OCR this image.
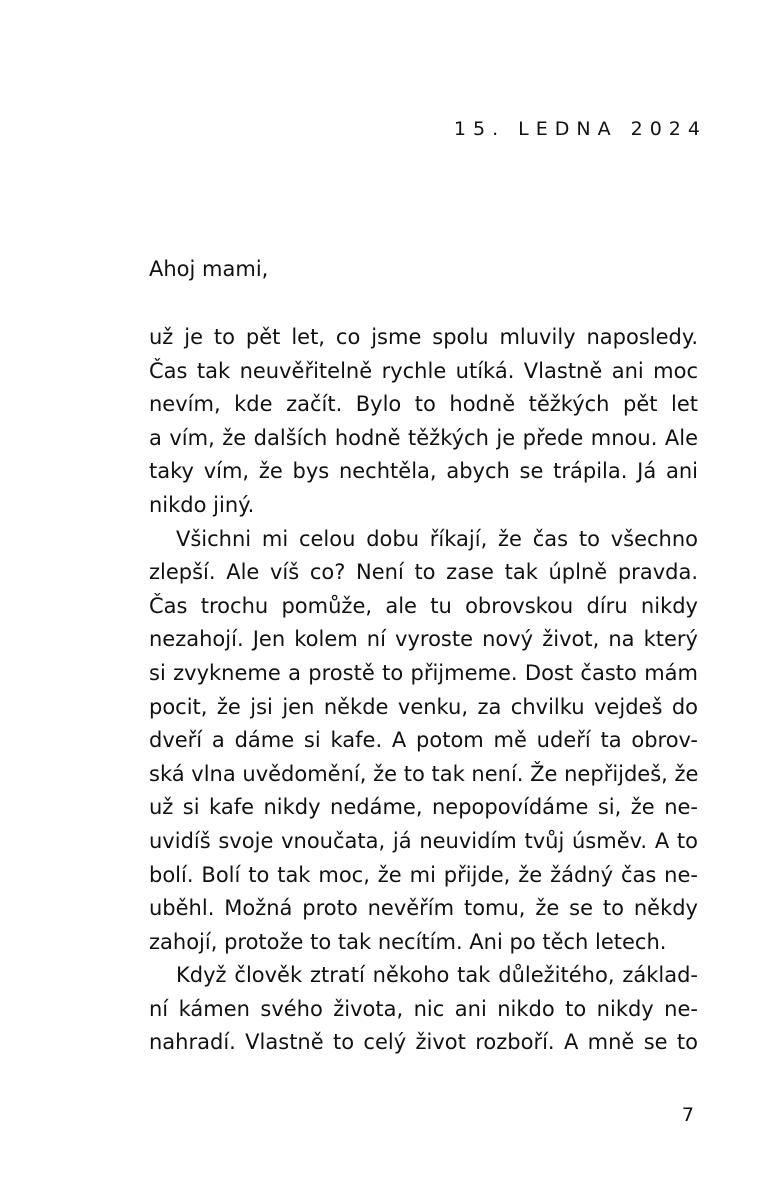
15. LEDNA 2024
Ahoj mami,

už je to pět let, co jsme spolu mluvily naposledy.
Čas tak neuvěřitelně rychle utíká. Vlastně ani moc
nevím, kde začít. Bylo to hodně těžkých pět let
a vím, že dalších hodně těžkých je přede mnou. Ale
taky vím, že bys nechtěla, abych se trápila. Já ani
nikdo jiný.

Všichni mi celou dobu říkají, že čas to všechno
zlepší. Ale víš co? Není to zase tak úplně pravda.
Čas trochu pomůže, ale tu obrovskou díru nikdy
nezahojí. Jen kolem ní vyroste nový život, na který
si zvykneme a prostě to přijmeme. Dost často mám
pocit, že jsi jen někde venku, za chvilku vejdeš do
dveří a dáme si kafe. A potom mě udeří ta obrov-
ská vlna uvědomění, že to tak není. Že nepřijdeš, že
už si kafe nikdy nedáme, nepopovídáme si, že ne-
uvidíš svoje vnoučata, já neuvidím tvůj úsměv. A to
bolí. Bolí to tak moc, že mi přijde, že žádný čas ne-
uběhl. Možná proto nevěřím tomu, že se to někdy
zahojí, protože to tak necítím. Ani po těch letech.

Když člověk ztratí někoho tak důležitého, základ-
ní kámen svého života, nic ani nikdo to nikdy ne-
nahradí. Vlastně to celý život rozboří. A mně se to

7
